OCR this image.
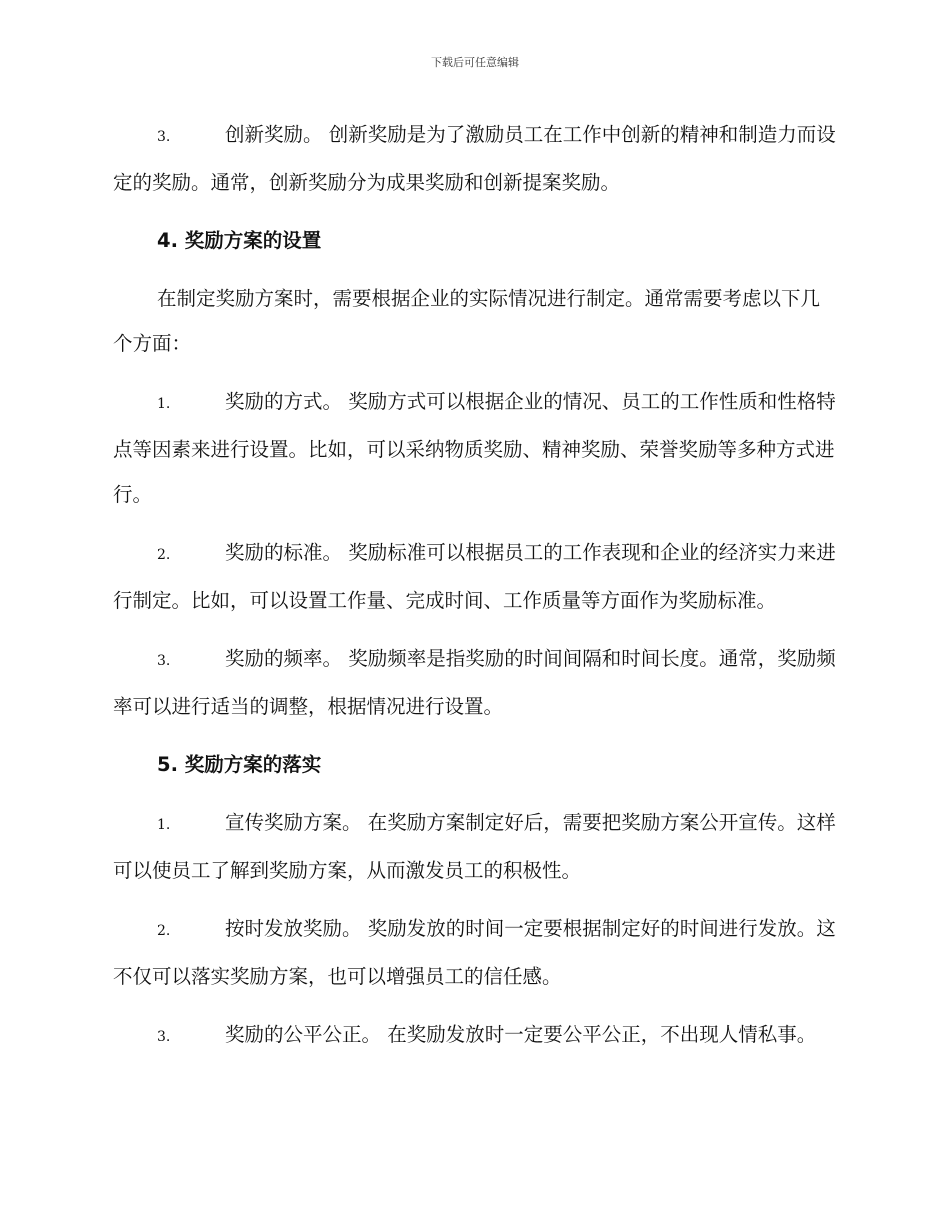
下载后可任意编辑

3.	创新奖励。 创新奖励是为了激励员工在工作中创新的精神和制造力而设定的奖励。通常，创新奖励分为成果奖励和创新提案奖励。

4. 奖励方案的设置

在制定奖励方案时，需要根据企业的实际情况进行制定。通常需要考虑以下几个方面：

1.	奖励的方式。 奖励方式可以根据企业的情况、员工的工作性质和性格特点等因素来进行设置。比如，可以采纳物质奖励、精神奖励、荣誉奖励等多种方式进行。

2.	奖励的标准。 奖励标准可以根据员工的工作表现和企业的经济实力来进行制定。比如，可以设置工作量、完成时间、工作质量等方面作为奖励标准。

3.	奖励的频率。 奖励频率是指奖励的时间间隔和时间长度。通常，奖励频率可以进行适当的调整，根据情况进行设置。

5. 奖励方案的落实

1.	宣传奖励方案。 在奖励方案制定好后，需要把奖励方案公开宣传。这样可以使员工了解到奖励方案，从而激发员工的积极性。

2.	按时发放奖励。 奖励发放的时间一定要根据制定好的时间进行发放。这不仅可以落实奖励方案，也可以增强员工的信任感。

3.	奖励的公平公正。 在奖励发放时一定要公平公正，不出现人情私事。
